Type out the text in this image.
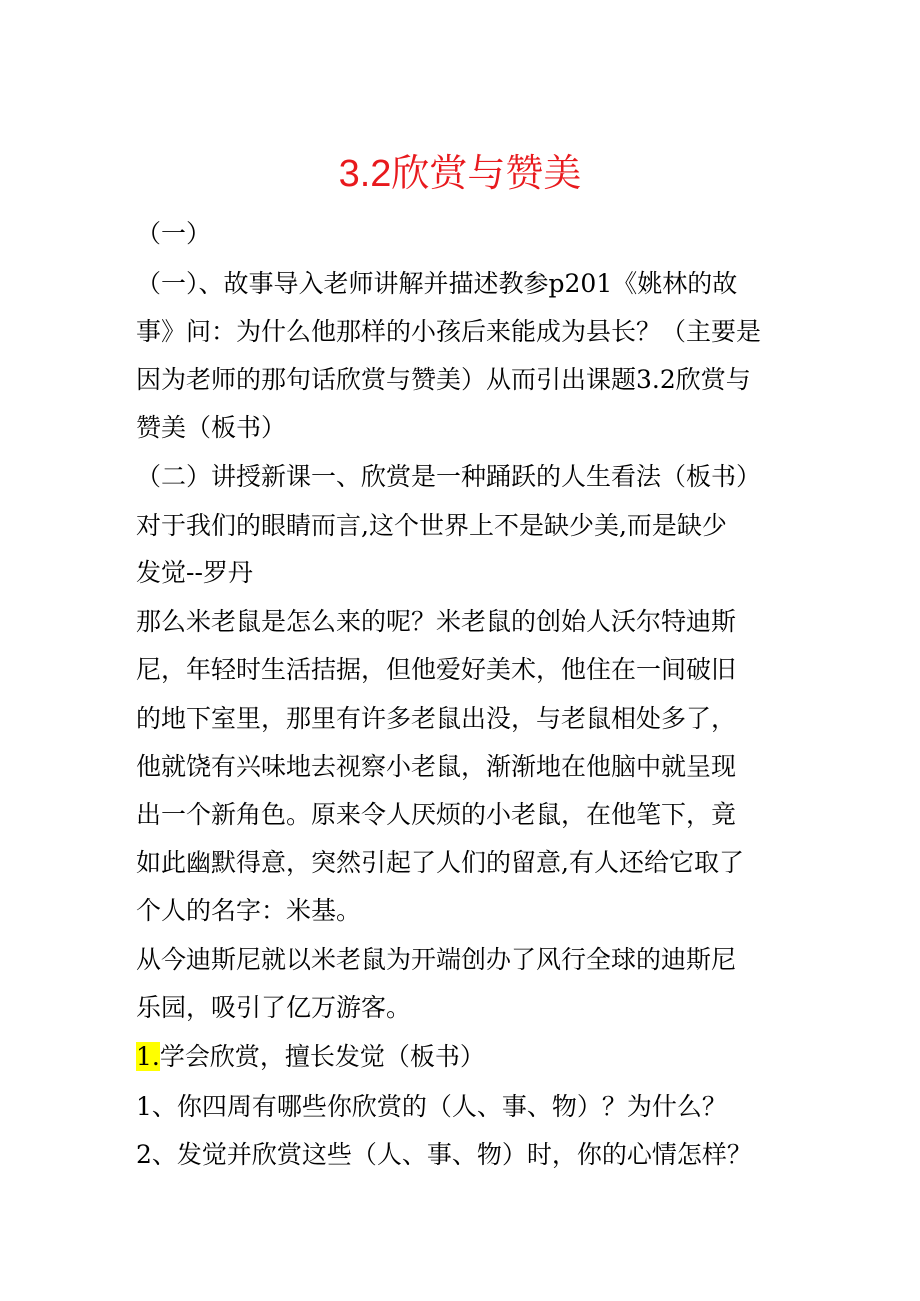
3.2欣赏与赞美

（一）

（一）、故事导入老师讲解并描述教参p201《姚林的故

事》问：为什么他那样的小孩后来能成为县长？（主要是

因为老师的那句话欣赏与赞美）从而引出课题3.2欣赏与

赞美（板书）

（二）讲授新课一、欣赏是一种踊跃的人生看法（板书）

对于我们的眼睛而言,这个世界上不是缺少美,而是缺少

发觉--罗丹

那么米老鼠是怎么来的呢？米老鼠的创始人沃尔特迪斯

尼，年轻时生活拮据，但他爱好美术，他住在一间破旧

的地下室里，那里有许多老鼠出没，与老鼠相处多了，

他就饶有兴味地去视察小老鼠，渐渐地在他脑中就呈现

出一个新角色。原来令人厌烦的小老鼠，在他笔下，竟

如此幽默得意，突然引起了人们的留意,有人还给它取了

个人的名字：米基。

从今迪斯尼就以米老鼠为开端创办了风行全球的迪斯尼

乐园，吸引了亿万游客。

1.学会欣赏，擅长发觉（板书）

1、你四周有哪些你欣赏的（人、事、物）？为什么？

2、发觉并欣赏这些（人、事、物）时，你的心情怎样？
